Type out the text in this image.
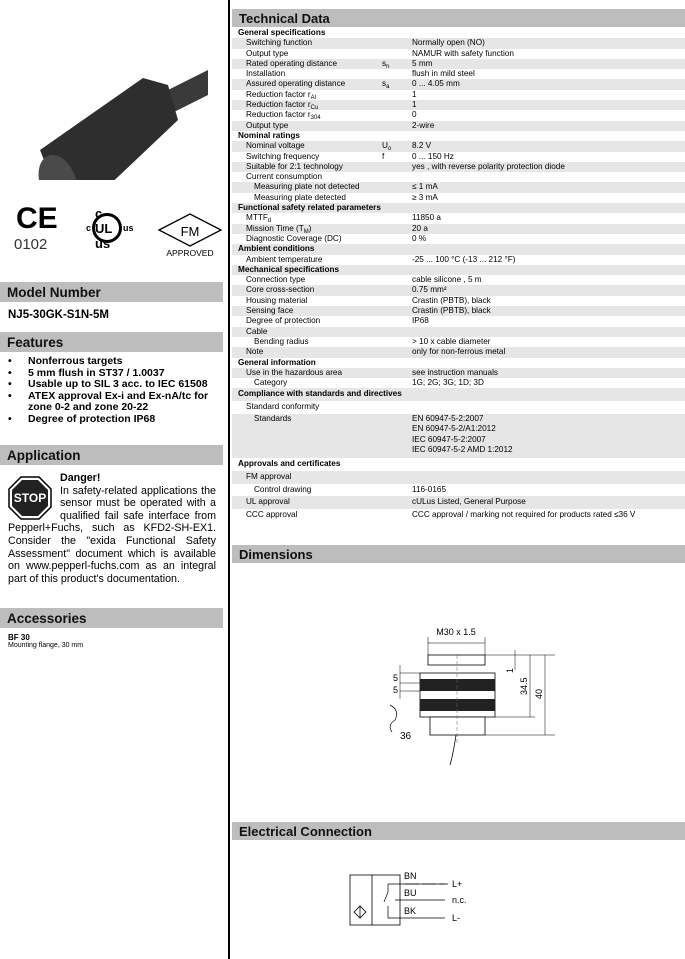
CE
0102
c
c UL us
us	FM
APPROVED
Model Number
NJ5-30GK-S1N-5M
Features
• Nonferrous targets
• 5 mm flush in ST37 / 1.0037
• Usable up to SIL 3 acc. to IEC 61508
• ATEX approval Ex-i and Ex-nA/tc for zone 0-2 and zone 20-22
• Degree of protection IP68
Application
STOP
Danger!
In safety-related applications the sensor must be operated with a qualified fail safe interface from Pepperl+Fuchs, such as KFD2-SH-EX1. Consider the "exida Functional Safety Assessment" document which is available on www.pepperl-fuchs.com as an integral part of this product's documentation.
Accessories
BF 30
Mounting flange, 30 mm
Technical Data
General specifications
Switching function	Normally open (NO)
Output type	NAMUR with safety function
Rated operating distance	$s_n$	5 mm
Installation	flush in mild steel
Assured operating distance	$s_a$	0 ... 4.05 mm
Reduction factor $r_{Al}$	1
Reduction factor $r_{Cu}$	1
Reduction factor $r_{304}$	0
Output type	2-wire
Nominal ratings
Nominal voltage	$U_o$	8.2 V
Switching frequency	f	0 ... 150 Hz
Suitable for 2:1 technology	yes , with reverse polarity protection diode
Current consumption
Measuring plate not detected	≤ 1 mA
Measuring plate detected	≥ 3 mA
Functional safety related parameters
$MTTF_d$	11850 a
Mission Time $(T_M)$	20 a
Diagnostic Coverage (DC)	0 %
Ambient conditions
Ambient temperature	-25 ... 100 °C (-13 ... 212 °F)
Mechanical specifications
Connection type	cable silicone , 5 m
Core cross-section	0.75 mm²
Housing material	Crastin (PBTB), black
Sensing face	Crastin (PBTB), black
Degree of protection	IP68
Cable
Bending radius	> 10 x cable diameter
Note	only for non-ferrous metal
General information
Use in the hazardous area	see instruction manuals
Category	1G; 2G; 3G; 1D; 3D
Compliance with standards and directives
Standard conformity
Standards	EN 60947-5-2:2007
EN 60947-5-2/A1:2012
IEC 60947-5-2:2007
IEC 60947-5-2 AMD 1:2012
Approvals and certificates
FM approval
Control drawing	116-0165
UL approval	cULus Listed, General Purpose
CCC approval	CCC approval / marking not required for products rated ≤36 V
Dimensions
M30 x 1.5
5
5
36
1
34.5 40
Electrical Connection
BN
BU
BK
L+
n.c.
L-
